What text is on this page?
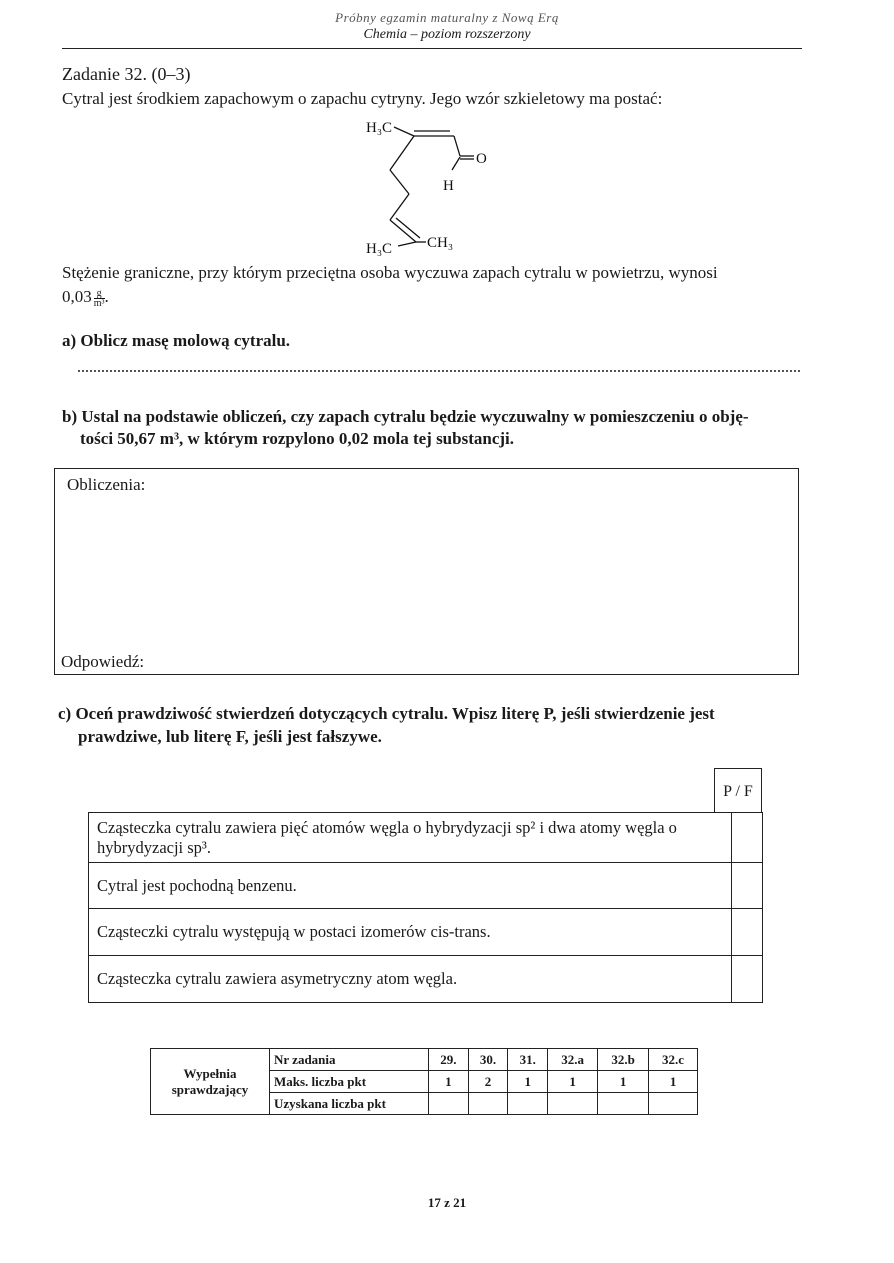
Próbny egzamin maturalny z Nową Erą
Chemia – poziom rozszerzony
Zadanie 32. (0–3)
Cytral jest środkiem zapachowym o zapachu cytryny. Jego wzór szkieletowy ma postać:
H₃C
O
H
H₃C CH₃
Stężenie graniczne, przy którym przeciętna osoba wyczuwa zapach cytralu w powietrzu, wynosi
$0,03 \frac{g}{\text{m³}}$ .
a) Oblicz masę molową cytralu.
b) Ustal na podstawie obliczeń, czy zapach cytralu będzie wyczuwalny w pomieszczeniu o obję-
tości 50,67 m³, w którym rozpylono 0,02 mola tej substancji.
Obliczenia:
Odpowiedź:
c) Oceń prawdziwość stwierdzeń dotyczących cytralu. Wpisz literę P, jeśli stwierdzenie jest
prawdziwe, lub literę F, jeśli jest fałszywe.
P / F
Cząsteczka cytralu zawiera pięć atomów węgla o hybrydyzacji sp² i dwa atomy węgla o hybrydyzacji sp³.	
Cytral jest pochodną benzenu.	
Cząsteczki cytralu występują w postaci izomerów cis-trans.	
Cząsteczka cytralu zawiera asymetryczny atom węgla.	
Wypełnia sprawdzający	Nr zadania	29.	30.	31.	32.a	32.b	32.c
	Maks. liczba pkt	1	2	1	1	1	1
	Uzyskana liczba pkt						
17 z 21
